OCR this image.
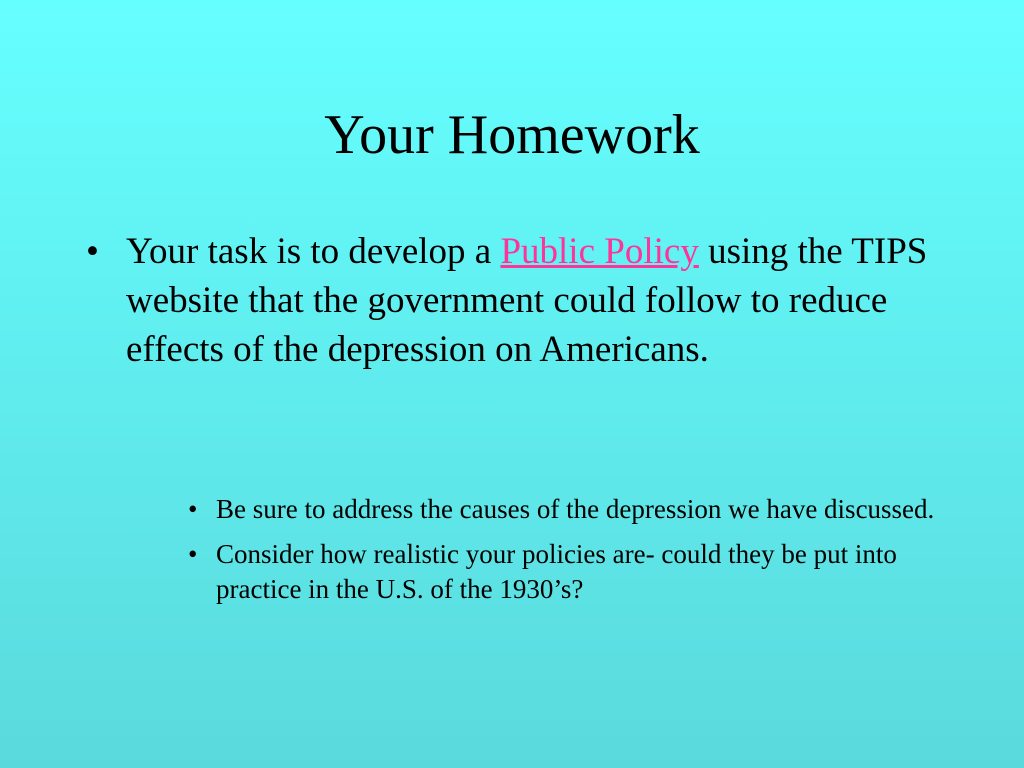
Your Homework
• Your task is to develop a Public Policy using the TIPS website that the government could follow to reduce effects of the depression on Americans.
• Be sure to address the causes of the depression we have discussed.
• Consider how realistic your policies are- could they be put into practice in the U.S. of the 1930’s?
